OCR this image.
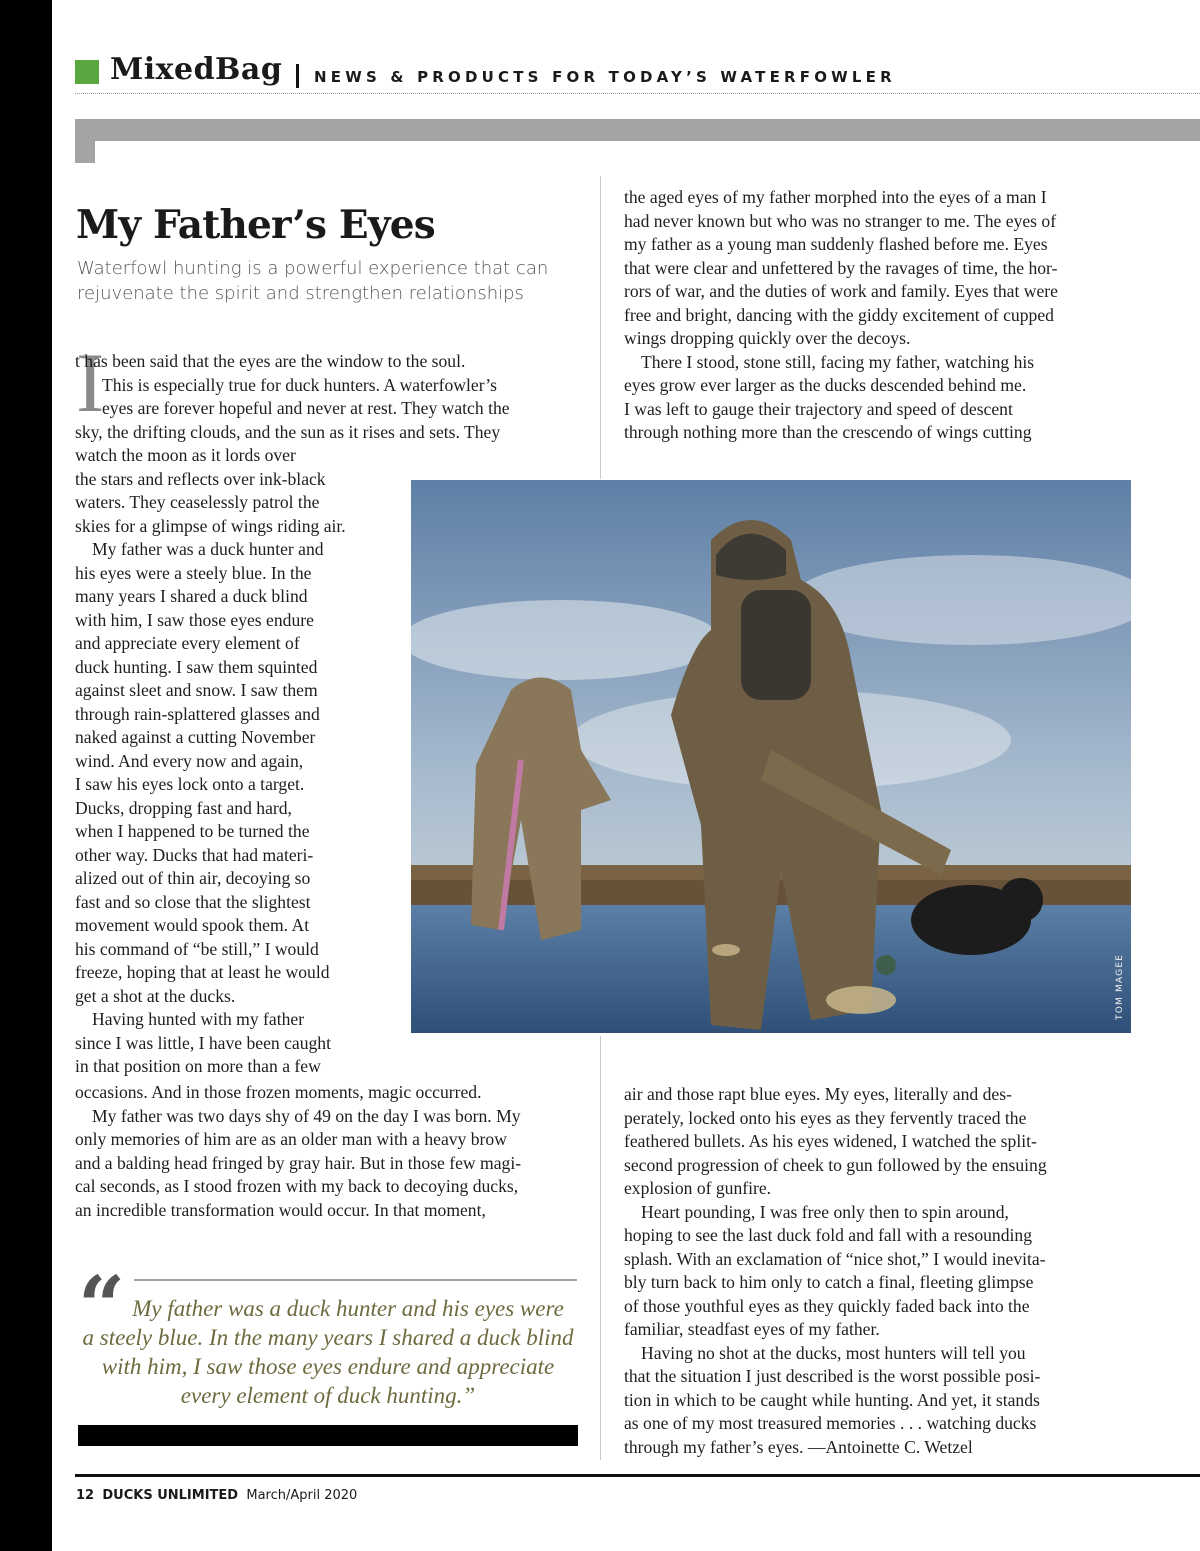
MixedBag NEWS & PRODUCTS FOR TODAY’S WATERFOWLER
My Father’s Eyes
Waterfowl hunting is a powerful experience that can
rejuvenate the spirit and strengthen relationships
I
t has been said that the eyes are the window to the soul.
This is especially true for duck hunters. A waterfowler’s
eyes are forever hopeful and never at rest. They watch the
sky, the drifting clouds, and the sun as it rises and sets. They
watch the moon as it lords over
the stars and reflects over ink-black
waters. They ceaselessly patrol the
skies for a glimpse of wings riding air.
My father was a duck hunter and
his eyes were a steely blue. In the
many years I shared a duck blind
with him, I saw those eyes endure
and appreciate every element of
duck hunting. I saw them squinted
against sleet and snow. I saw them
through rain-splattered glasses and
naked against a cutting November
wind. And every now and again,
I saw his eyes lock onto a target.
Ducks, dropping fast and hard,
when I happened to be turned the
other way. Ducks that had materi-
alized out of thin air, decoying so
fast and so close that the slightest
movement would spook them. At
his command of “be still,” I would
freeze, hoping that at least he would
get a shot at the ducks.
Having hunted with my father
since I was little, I have been caught
in that position on more than a few
occasions. And in those frozen moments, magic occurred.
My father was two days shy of 49 on the day I was born. My
only memories of him are as an older man with a heavy brow
and a balding head fringed by gray hair. But in those few magi-
cal seconds, as I stood frozen with my back to decoying ducks,
an incredible transformation would occur. In that moment,
the aged eyes of my father morphed into the eyes of a man I
had never known but who was no stranger to me. The eyes of
my father as a young man suddenly flashed before me. Eyes
that were clear and unfettered by the ravages of time, the hor-
rors of war, and the duties of work and family. Eyes that were
free and bright, dancing with the giddy excitement of cupped
wings dropping quickly over the decoys.
There I stood, stone still, facing my father, watching his
eyes grow ever larger as the ducks descended behind me.
I was left to gauge their trajectory and speed of descent
through nothing more than the crescendo of wings cutting
TOM MAGEE
air and those rapt blue eyes. My eyes, literally and des-
perately, locked onto his eyes as they fervently traced the
feathered bullets. As his eyes widened, I watched the split-
second progression of cheek to gun followed by the ensuing
explosion of gunfire.
Heart pounding, I was free only then to spin around,
hoping to see the last duck fold and fall with a resounding
splash. With an exclamation of “nice shot,” I would inevita-
bly turn back to him only to catch a final, fleeting glimpse
of those youthful eyes as they quickly faded back into the
familiar, steadfast eyes of my father.
Having no shot at the ducks, most hunters will tell you
that the situation I just described is the worst possible posi-
tion in which to be caught while hunting. And yet, it stands
as one of my most treasured memories . . . watching ducks
through my father’s eyes. —Antoinette C. Wetzel
“ My father was a duck hunter and his eyes were
a steely blue. In the many years I shared a duck blind
with him, I saw those eyes endure and appreciate
every element of duck hunting.”
12 DUCKS UNLIMITED March/April 2020
